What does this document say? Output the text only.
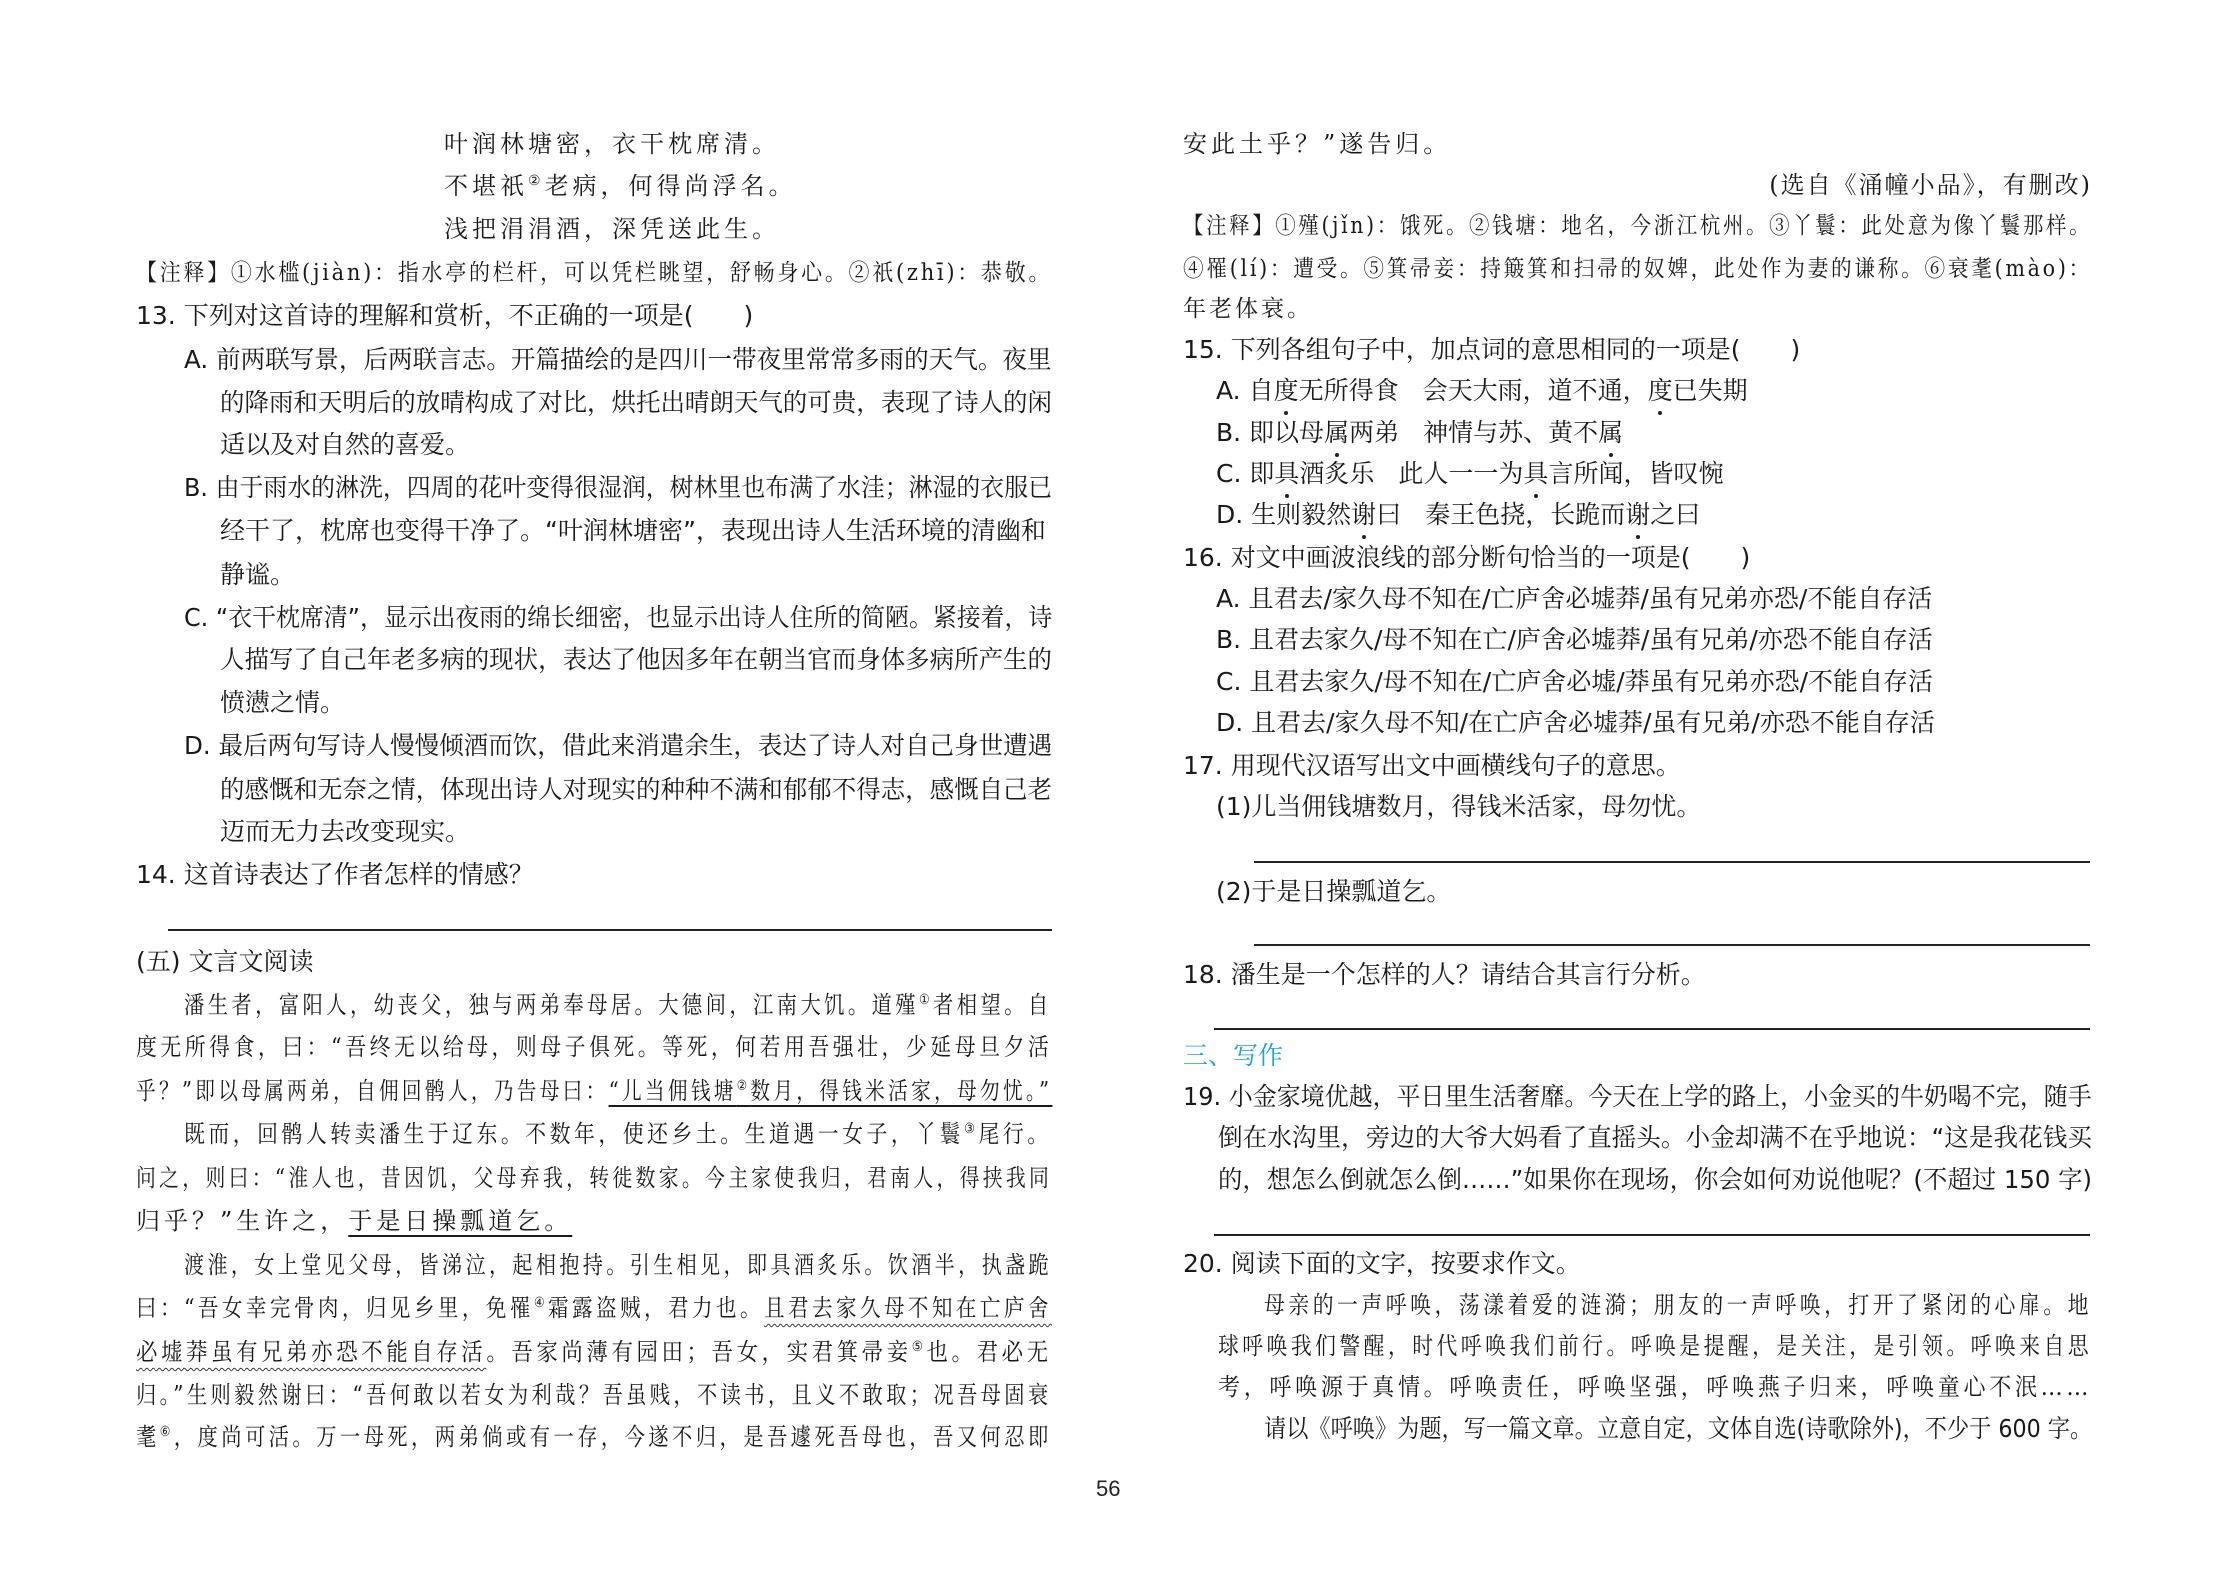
叶润林塘密，衣干枕席清。
不堪祇②老病，何得尚浮名。
浅把涓涓酒，深凭送此生。
【注释】①水槛(jiàn)：指水亭的栏杆，可以凭栏眺望，舒畅身心。②祇(zhī)：恭敬。
13. 下列对这首诗的理解和赏析，不正确的一项是(　　)
A. 前两联写景，后两联言志。开篇描绘的是四川一带夜里常常多雨的天气。夜里
的降雨和天明后的放晴构成了对比，烘托出晴朗天气的可贵，表现了诗人的闲
适以及对自然的喜爱。
B. 由于雨水的淋洗，四周的花叶变得很湿润，树林里也布满了水洼；淋湿的衣服已
经干了，枕席也变得干净了。“叶润林塘密”，表现出诗人生活环境的清幽和
静谧。
C. “衣干枕席清”，显示出夜雨的绵长细密，也显示出诗人住所的简陋。紧接着，诗
人描写了自己年老多病的现状，表达了他因多年在朝当官而身体多病所产生的
愤懑之情。
D. 最后两句写诗人慢慢倾酒而饮，借此来消遣余生，表达了诗人对自己身世遭遇
的感慨和无奈之情，体现出诗人对现实的种种不满和郁郁不得志，感慨自己老
迈而无力去改变现实。
14. 这首诗表达了作者怎样的情感？
(五) 文言文阅读
潘生者，富阳人，幼丧父，独与两弟奉母居。大德间，江南大饥。道殣①者相望。自
度无所得食，曰：“吾终无以给母，则母子俱死。等死，何若用吾强壮，少延母旦夕活
乎？”即以母属两弟，自佣回鹘人，乃告母曰：“儿当佣钱塘②数月，得钱米活家，母勿忧。”
既而，回鹘人转卖潘生于辽东。不数年，使还乡土。生道遇一女子，丫鬟③尾行。
问之，则曰：“淮人也，昔因饥，父母弃我，转徙数家。今主家使我归，君南人，得挟我同
归乎？”生许之，于是日操瓢道乞。
渡淮，女上堂见父母，皆涕泣，起相抱持。引生相见，即具酒炙乐。饮酒半，执盏跪
曰：“吾女幸完骨肉，归见乡里，免罹④霜露盗贼，君力也。且君去家久母不知在亡庐舍
必墟莽虽有兄弟亦恐不能自存活。吾家尚薄有园田；吾女，实君箕帚妾⑤也。君必无
归。”生则毅然谢曰：“吾何敢以若女为利哉？吾虽贱，不读书，且义不敢取；况吾母固衰
耄⑥，度尚可活。万一母死，两弟倘或有一存，今遂不归，是吾遽死吾母也，吾又何忍即
安此土乎？”遂告归。
(选自《涌幢小品》，有删改)
【注释】①殣(jǐn)：饿死。②钱塘：地名，今浙江杭州。③丫鬟：此处意为像丫鬟那样。
④罹(lí)：遭受。⑤箕帚妾：持簸箕和扫帚的奴婢，此处作为妻的谦称。⑥衰耄(mào)：
年老体衰。
15. 下列各组句子中，加点词的意思相同的一项是(　　)
A. 自度无所得食 会天大雨，道不通，度已失期
B. 即以母属两弟 神情与苏、黄不属
C. 即具酒炙乐 此人一一为具言所闻，皆叹惋
D. 生则毅然谢曰 秦王色挠，长跪而谢之曰
16. 对文中画波浪线的部分断句恰当的一项是(　　)
A. 且君去/家久母不知在/亡庐舍必墟莽/虽有兄弟亦恐/不能自存活
B. 且君去家久/母不知在亡/庐舍必墟莽/虽有兄弟/亦恐不能自存活
C. 且君去家久/母不知在/亡庐舍必墟/莽虽有兄弟亦恐/不能自存活
D. 且君去/家久母不知/在亡庐舍必墟莽/虽有兄弟/亦恐不能自存活
17. 用现代汉语写出文中画横线句子的意思。
(1)儿当佣钱塘数月，得钱米活家，母勿忧。
(2)于是日操瓢道乞。
18. 潘生是一个怎样的人？请结合其言行分析。
三、写作
19. 小金家境优越，平日里生活奢靡。今天在上学的路上，小金买的牛奶喝不完，随手
倒在水沟里，旁边的大爷大妈看了直摇头。小金却满不在乎地说：“这是我花钱买
的，想怎么倒就怎么倒……”如果你在现场，你会如何劝说他呢？(不超过 150 字)
20. 阅读下面的文字，按要求作文。
母亲的一声呼唤，荡漾着爱的涟漪；朋友的一声呼唤，打开了紧闭的心扉。地
球呼唤我们警醒，时代呼唤我们前行。呼唤是提醒，是关注，是引领。呼唤来自思
考，呼唤源于真情。呼唤责任，呼唤坚强，呼唤燕子归来，呼唤童心不泯……
请以《呼唤》为题，写一篇文章。立意自定，文体自选(诗歌除外)，不少于 600 字。
56
